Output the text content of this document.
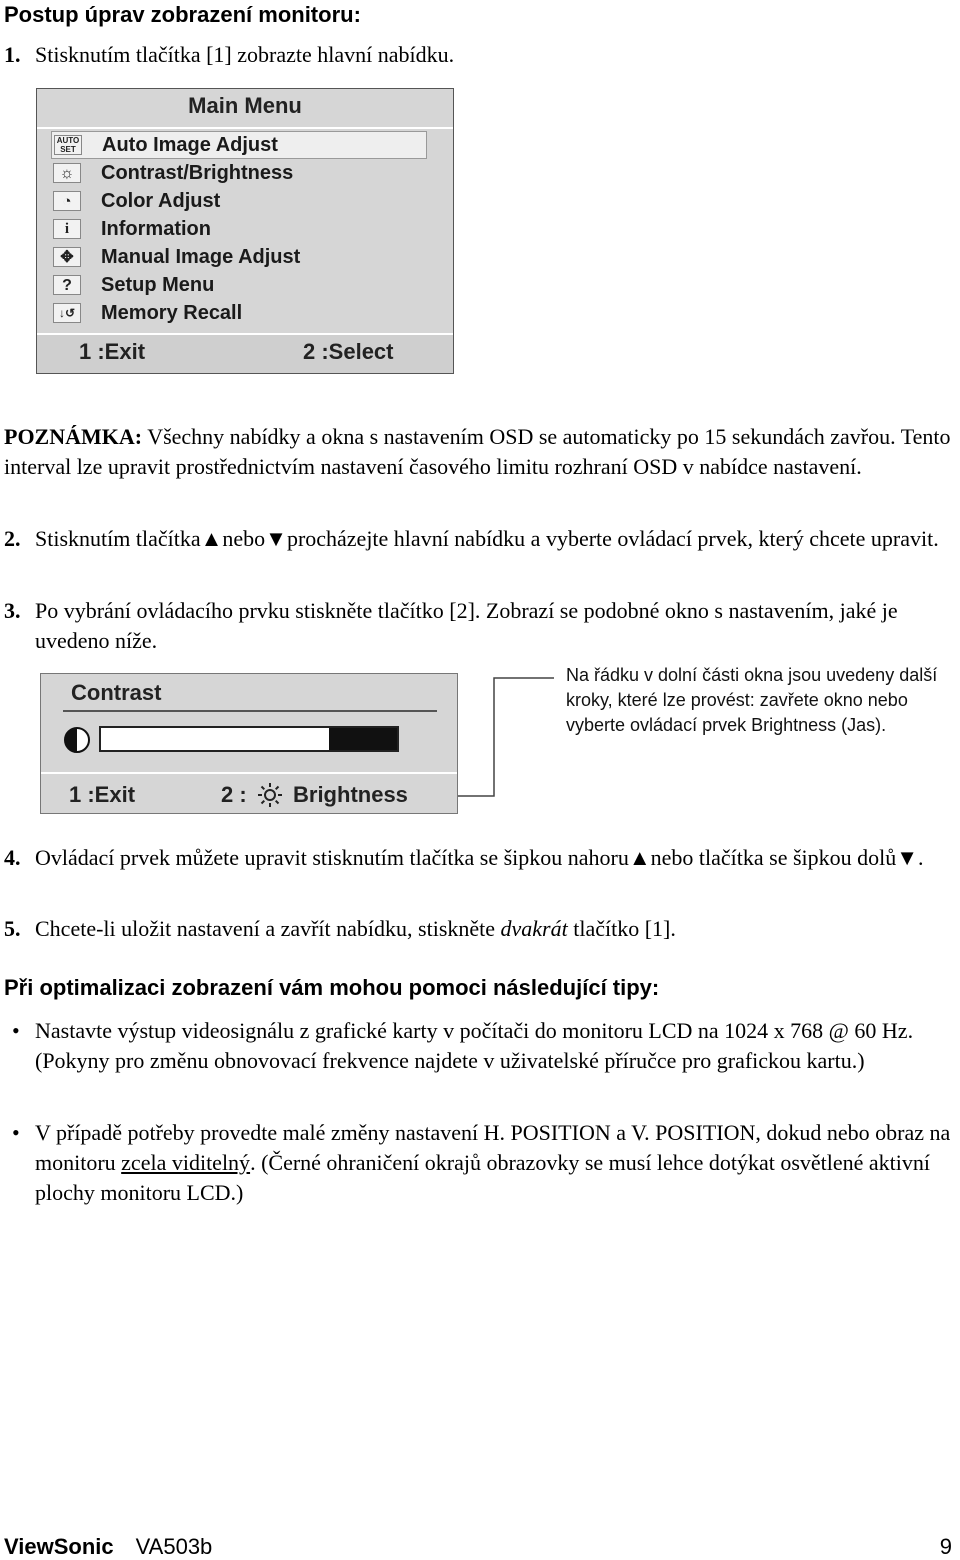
Postup úprav zobrazení monitoru:
1. Stisknutím tlačítka [1] zobrazte hlavní nabídku.
Main Menu
AUTO
SET Auto Image Adjust
☼	Contrast/Brightness
◔	Color Adjust
i	Information
✥	Manual Image Adjust
?	Setup Menu
↓↺ Memory Recall
1 :Exit	2 :Select
POZNÁMKA: Všechny nabídky a okna s nastavením OSD se automaticky po 15 sekundách zavřou. Tento interval lze upravit prostřednictvím nastavení časového limitu rozhraní OSD v nabídce nastavení.
2. Stisknutím tlačítka▲nebo▼procházejte hlavní nabídku a vyberte ovládací prvek, který chcete upravit.
3. Po vybrání ovládacího prvku stiskněte tlačítko [2]. Zobrazí se podobné okno s nastavením, jaké je uvedeno níže.
Contrast
1 :Exit	2 : Brightness
Na řádku v dolní části okna jsou uvedeny další kroky, které lze provést: zavřete okno nebo vyberte ovládací prvek Brightness (Jas).
4. Ovládací prvek můžete upravit stisknutím tlačítka se šipkou nahoru▲nebo tlačítka se šipkou dolů▼.
5. Chcete-li uložit nastavení a zavřít nabídku, stiskněte dvakrát tlačítko [1].
Při optimalizaci zobrazení vám mohou pomoci následující tipy:
• Nastavte výstup videosignálu z grafické karty v počítači do monitoru LCD na 1024 x 768 @ 60 Hz. (Pokyny pro změnu obnovovací frekvence najdete v uživatelské příručce pro grafickou kartu.)
• V případě potřeby provedte malé změny nastavení H. POSITION a V. POSITION, dokud nebo obraz na monitoru zcela viditelný. (Černé ohraničení okrajů obrazovky se musí lehce dotýkat osvětlené aktivní plochy monitoru LCD.)
ViewSonic VA503b	9
